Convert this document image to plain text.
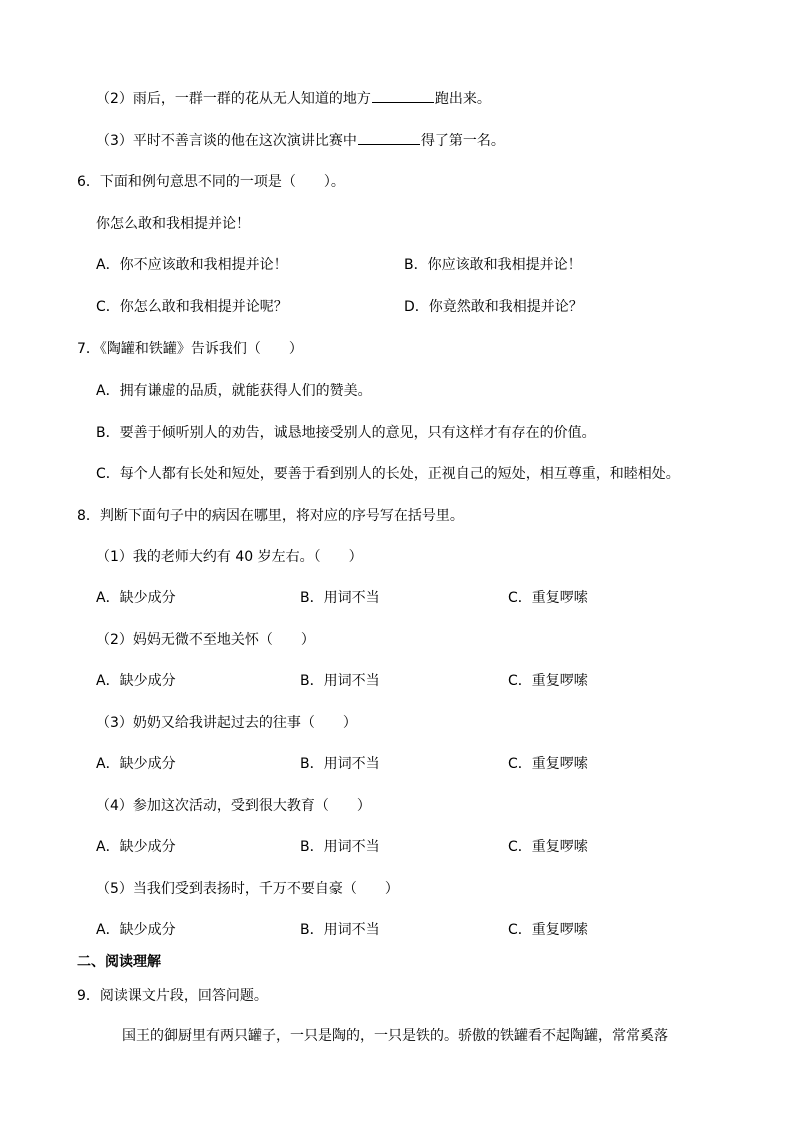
（2）雨后，一群一群的花从无人知道的地方	跑出来。
（3）平时不善言谈的他在这次演讲比赛中	得了第一名。
6．下面和例句意思不同的一项是（　　）。
你怎么敢和我相提并论！
A．你不应该敢和我相提并论！	B．你应该敢和我相提并论！
C．你怎么敢和我相提并论呢？	D．你竟然敢和我相提并论？
7．《陶罐和铁罐》告诉我们（　　）
A．拥有谦虚的品质，就能获得人们的赞美。
B．要善于倾听别人的劝告，诚恳地接受别人的意见，只有这样才有存在的价值。
C．每个人都有长处和短处，要善于看到别人的长处，正视自己的短处，相互尊重，和睦相处。
8．判断下面句子中的病因在哪里，将对应的序号写在括号里。
（1）我的老师大约有 40 岁左右。（　　）
A．缺少成分	B．用词不当	C．重复啰嗦
（2）妈妈无微不至地关怀（　　）
A．缺少成分	B．用词不当	C．重复啰嗦
（3）奶奶又给我讲起过去的往事（　　）
A．缺少成分	B．用词不当	C．重复啰嗦
（4）参加这次活动，受到很大教育（　　）
A．缺少成分	B．用词不当	C．重复啰嗦
（5）当我们受到表扬时，千万不要自豪（　　）
A．缺少成分	B．用词不当	C．重复啰嗦
二、阅读理解
9．阅读课文片段，回答问题。
国王的御厨里有两只罐子，一只是陶的，一只是铁的。骄傲的铁罐看不起陶罐，常常奚落
